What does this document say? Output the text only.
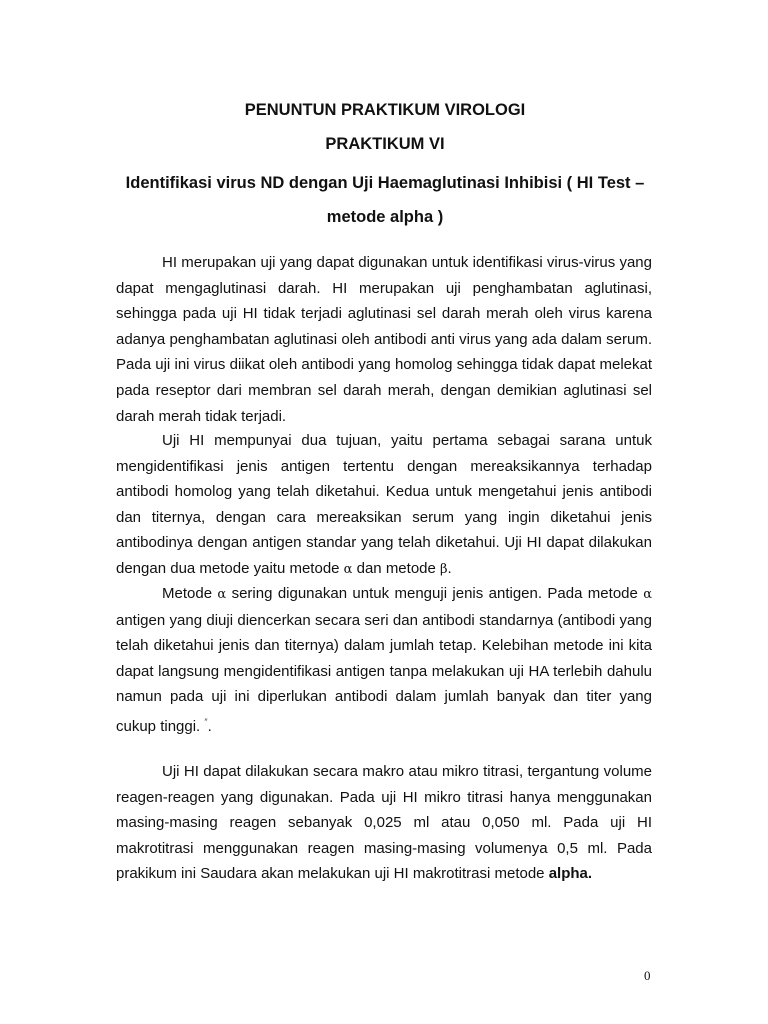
PENUNTUN PRAKTIKUM VIROLOGI
PRAKTIKUM VI
Identifikasi virus ND dengan Uji Haemaglutinasi Inhibisi ( HI Test – metode alpha )

HI merupakan uji yang dapat digunakan untuk identifikasi virus-virus yang dapat mengaglutinasi darah. HI merupakan uji penghambatan aglutinasi, sehingga pada uji HI tidak terjadi aglutinasi sel darah merah oleh virus karena adanya penghambatan aglutinasi oleh antibodi anti virus yang ada dalam serum. Pada uji ini virus diikat oleh antibodi yang homolog sehingga tidak dapat melekat pada reseptor dari membran sel darah merah, dengan demikian aglutinasi sel darah merah tidak terjadi.

Uji HI mempunyai dua tujuan, yaitu pertama sebagai sarana untuk mengidentifikasi jenis antigen tertentu dengan mereaksikannya terhadap antibodi homolog yang telah diketahui. Kedua untuk mengetahui jenis antibodi dan titernya, dengan cara mereaksikan serum yang ingin diketahui jenis antibodinya dengan antigen standar yang telah diketahui. Uji HI dapat dilakukan dengan dua metode yaitu metode α dan metode β.

Metode α sering digunakan untuk menguji jenis antigen. Pada metode α antigen yang diuji diencerkan secara seri dan antibodi standarnya (antibodi yang telah diketahui jenis dan titernya) dalam jumlah tetap. Kelebihan metode ini kita dapat langsung mengidentifikasi antigen tanpa melakukan uji HA terlebih dahulu namun pada uji ini diperlukan antibodi dalam jumlah banyak dan titer yang cukup tinggi. ″.

Uji HI dapat dilakukan secara makro atau mikro titrasi, tergantung volume reagen-reagen yang digunakan. Pada uji HI mikro titrasi hanya menggunakan masing-masing reagen sebanyak 0,025 ml atau 0,050 ml. Pada uji HI makrotitrasi menggunakan reagen masing-masing volumenya 0,5 ml. Pada prakikum ini Saudara akan melakukan uji HI makrotitrasi metode alpha.

0
